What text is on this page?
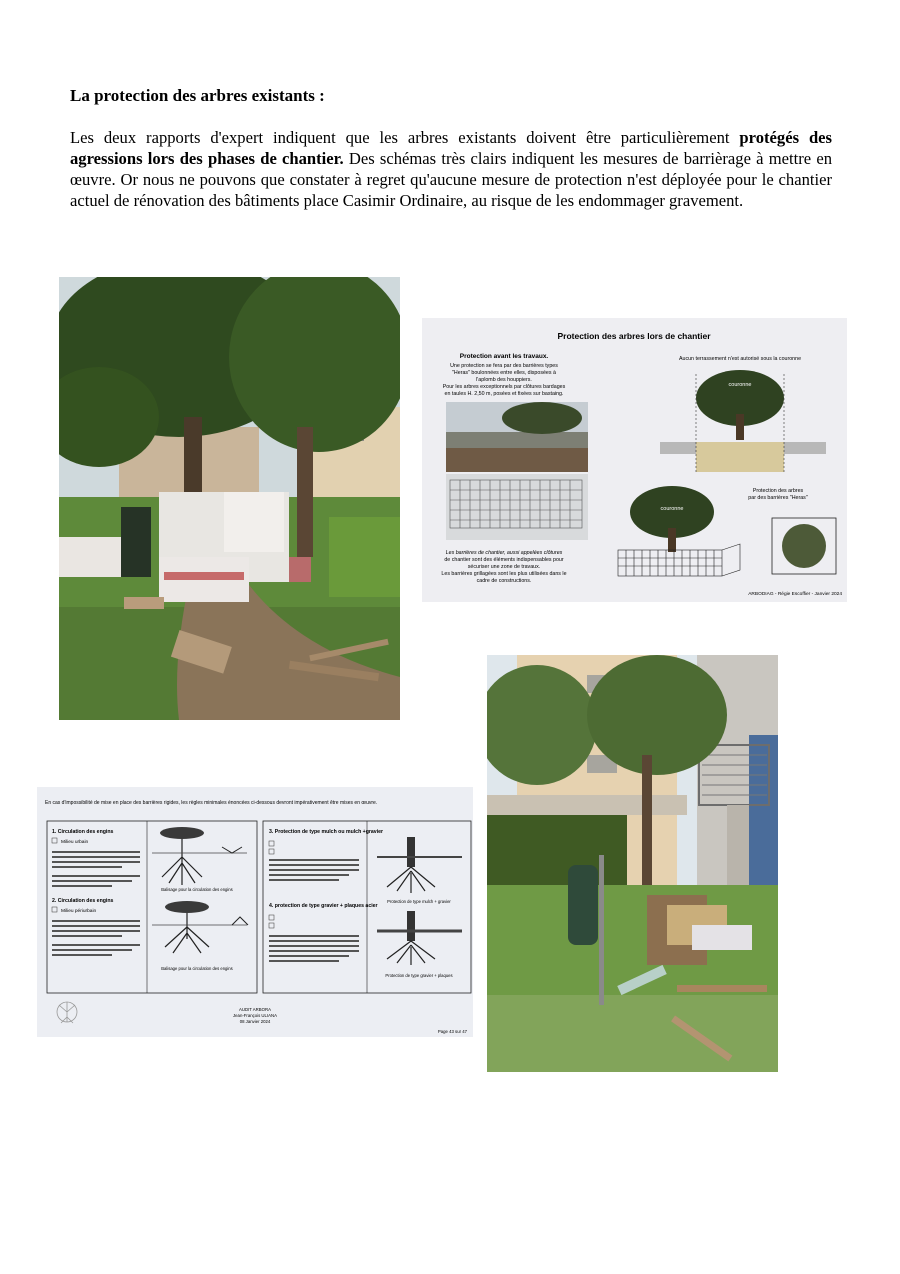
La protection des arbres existants :
Les deux rapports d'expert indiquent que les arbres existants doivent être particulièrement protégés des agressions lors des phases de chantier. Des schémas très clairs indiquent les mesures de barrièrage à mettre en œuvre. Or nous ne pouvons que constater à regret qu'aucune mesure de protection n'est déployée pour le chantier actuel de rénovation des bâtiments place Casimir Ordinaire, au risque de les endommager gravement.
Protection des arbres lors de chantier
Protection avant les travaux.
Une protection se fera par des barrières types
"Heras" boulonnées entre elles, disposées à
l'aplomb des houppiers.
Pour les arbres exceptionnels par clôtures bardages
en taules H. 2,50 m, posées et fixées sur bastaing.
Les barrières de chantier, aussi appelées clôtures
de chantier sont des éléments indispensables pour
sécuriser une zone de travaux.
Les barrières grillagées sont les plus utilisées dans le
cadre de constructions.
Aucun terrassement n'est autorisé sous la couronne
couronne
Protection des arbres
par des barrières "Heras"
couronne
ARBODIAG - Régie Escoffier - Janvier 2024
En cas d'impossibilité de mise en place des barrières rigides, les règles minimales énoncées ci-dessous devront impérativement être mises en œuvre.
1. Circulation des engins
Milieu urbain
2. Circulation des engins
Milieu périurbain
Balisage pour la circulation des engins
Balisage pour la circulation des engins
3. Protection de type mulch ou mulch +gravier
4. protection de type gravier + plaques acier
Protection de type mulch + gravier
Protection de type gravier + plaques
AUDIT ARBORA
Jean-François ULIANA
08 Janvier 2024
Page 43 sur 47
